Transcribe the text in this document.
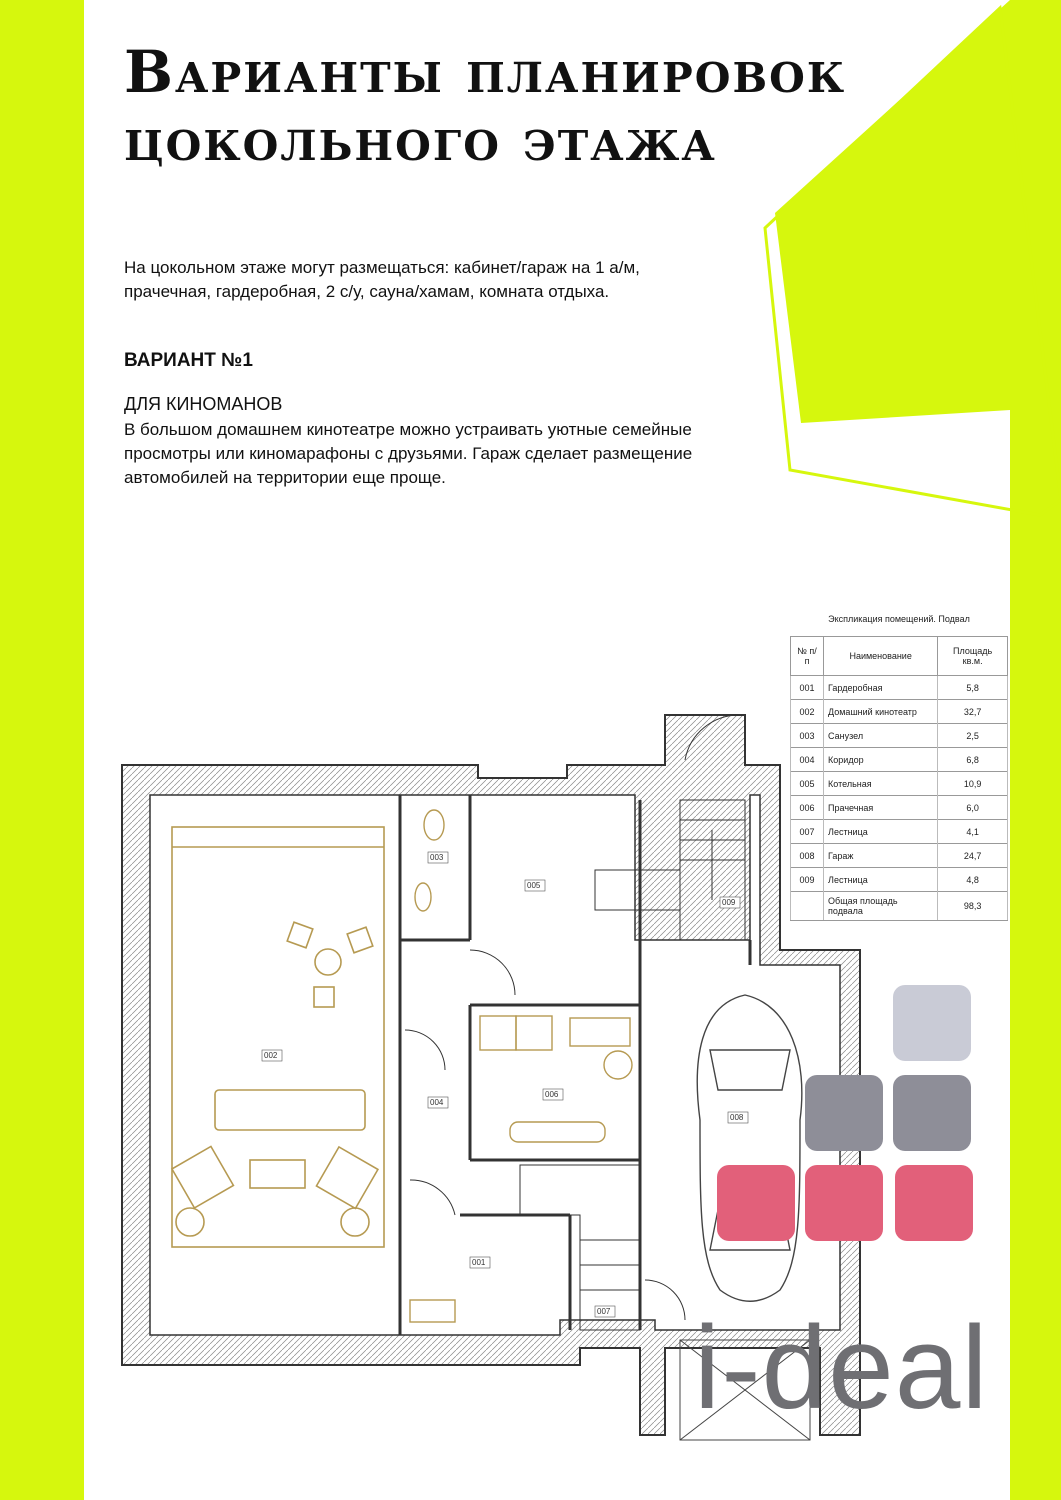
Варианты планировок
цокольного этажа

На цокольном этаже могут размещаться: кабинет/гараж на 1 а/м, прачечная, гардеробная, 2 с/у, сауна/хамам, комната отдыха.

ВАРИАНТ №1

ДЛЯ КИНОМАНОВ

В большом домашнем кинотеатре можно устраивать уютные семейные просмотры или киномарафоны с друзьями. Гараж сделает размещение автомобилей на территории еще проще.

003
005
009
002
004
006
008
001
007
Экспликация помещений. Подвал
№ п/п	Наименование	Площадь кв.м.
001	Гардеробная	5,8
002	Домашний кинотеатр	32,7
003	Санузел	2,5
004	Коридор	6,8
005	Котельная	10,9
006	Прачечная	6,0
007	Лестница	4,1
008	Гараж	24,7
009	Лестница	4,8
	Общая площадь подвала	98,3
i-deal
